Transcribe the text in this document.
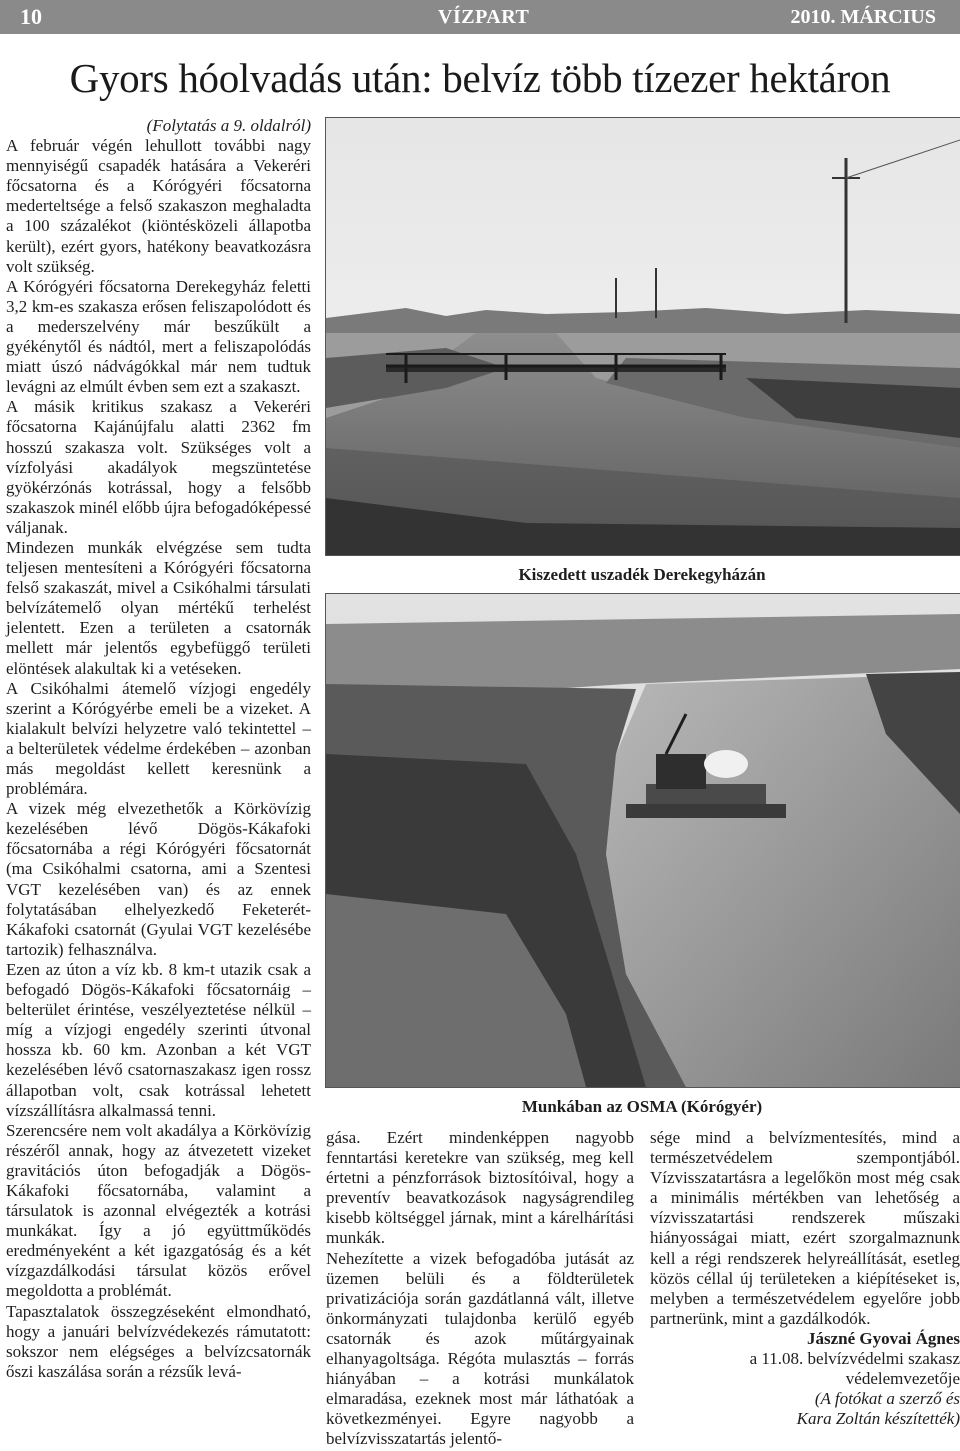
10	VÍZPART	2010. MÁRCIUS
Gyors hóolvadás után: belvíz több tízezer hektáron

(Folytatás a 9. oldalról)

A február végén lehullott további nagy mennyiségű csapadék hatására a Vekeréri főcsatorna és a Kórógyéri főcsatorna mederteltsége a felső szakaszon meghaladta a 100 százalékot (kiöntésközeli állapotba került), ezért gyors, hatékony beavatkozásra volt szükség.

A Kórógyéri főcsatorna Derekegyház feletti 3,2 km-es szakasza erősen feliszapolódott és a mederszelvény már beszűkült a gyékénytől és nádtól, mert a feliszapolódás miatt úszó nádvágókkal már nem tudtuk levágni az elmúlt évben sem ezt a szakaszt.

A másik kritikus szakasz a Vekeréri főcsatorna Kajánújfalu alatti 2362 fm hosszú szakasza volt. Szükséges volt a vízfolyási akadályok megszüntetése gyökérzónás kotrással, hogy a felsőbb szakaszok minél előbb újra befogadóképessé váljanak.

Mindezen munkák elvégzése sem tudta teljesen mentesíteni a Kórógyéri főcsatorna felső szakaszát, mivel a Csikóhalmi társulati belvízátemelő olyan mértékű terhelést jelentett. Ezen a területen a csatornák mellett már jelentős egybefüggő területi elöntések alakultak ki a vetéseken.

A Csikóhalmi átemelő vízjogi engedély szerint a Kórógyérbe emeli be a vizeket. A kialakult belvízi helyzetre való tekintettel – a belterületek védelme érdekében – azonban más megoldást kellett keresnünk a problémára.

A vizek még elvezethetők a Körkövízig kezelésében lévő Dögös-Kákafoki főcsatornába a régi Kórógyéri főcsatornát (ma Csikóhalmi csatorna, ami a Szentesi VGT kezelésében van) és az ennek folytatásában elhelyezkedő Feketerét-Kákafoki csatornát (Gyulai VGT kezelésébe tartozik) felhasználva.

Ezen az úton a víz kb. 8 km-t utazik csak a befogadó Dögös-Kákafoki főcsatornáig – belterület érintése, veszélyeztetése nélkül – míg a vízjogi engedély szerinti útvonal hossza kb. 60 km. Azonban a két VGT kezelésében lévő csatornaszakasz igen rossz állapotban volt, csak kotrással lehetett vízszállításra alkalmassá tenni.

Szerencsére nem volt akadálya a Körkövízig részéről annak, hogy az átvezetett vizeket gravitációs úton befogadják a Dögös-Kákafoki főcsatornába, valamint a társulatok is azonnal elvégezték a kotrási munkákat. Így a jó együttműködés eredményeként a két igazgatóság és a két vízgazdálkodási társulat közös erővel megoldotta a problémát.

Tapasztalatok összegzéseként elmondható, hogy a januári belvízvédekezés rámutatott: sokszor nem elégséges a belvízcsatornák őszi kaszálása során a rézsűk levá-

Kiszedett uszadék Derekegyházán
Munkában az OSMA (Kórógyér)

gása. Ezért mindenképpen nagyobb fenntartási keretekre van szükség, meg kell értetni a pénzforrások biztosítóival, hogy a preventív beavatkozások nagyságrendileg kisebb költséggel járnak, mint a kárelhárítási munkák.

Nehezítette a vizek befogadóba jutását az üzemen belüli és a földterületek privatizációja során gazdátlanná vált, illetve önkormányzati tulajdonba kerülő egyéb csatornák és azok műtárgyainak elhanyagoltsága. Régóta mulasztás – forrás hiányában – a kotrási munkálatok elmaradása, ezeknek most már láthatóak a következményei. Egyre nagyobb a belvízvisszatartás jelentő-

sége mind a belvízmentesítés, mind a természetvédelem szempontjából. Vízvisszatartásra a legelőkön most még csak a minimális mértékben van lehetőség a vízvisszatartási rendszerek műszaki hiányosságai miatt, ezért szorgalmaznunk kell a régi rendszerek helyreállítását, esetleg közös céllal új területeken a kiépítéseket is, melyben a természetvédelem egyelőre jobb partnerünk, mint a gazdálkodók.

Jászné Gyovai Ágnes

a 11.08. belvízvédelmi szakasz

védelemvezetője

(A fotókat a szerző és

Kara Zoltán készítették)
